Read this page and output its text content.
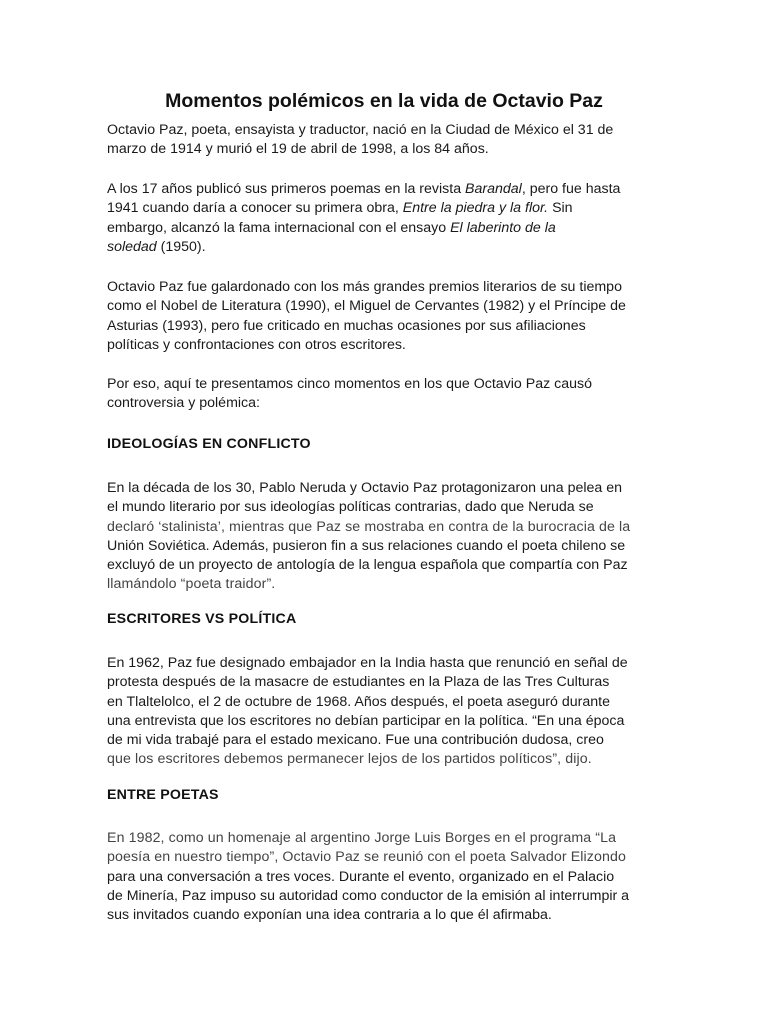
Momentos polémicos en la vida de Octavio Paz

Octavio Paz, poeta, ensayista y traductor, nació en la Ciudad de México el 31 de
marzo de 1914 y murió el 19 de abril de 1998, a los 84 años.

A los 17 años publicó sus primeros poemas en la revista Barandal, pero fue hasta
1941 cuando daría a conocer su primera obra, Entre la piedra y la flor. Sin
embargo, alcanzó la fama internacional con el ensayo El laberinto de la
soledad (1950).

Octavio Paz fue galardonado con los más grandes premios literarios de su tiempo
como el Nobel de Literatura (1990), el Miguel de Cervantes (1982) y el Príncipe de
Asturias (1993), pero fue criticado en muchas ocasiones por sus afiliaciones
políticas y confrontaciones con otros escritores.

Por eso, aquí te presentamos cinco momentos en los que Octavio Paz causó
controversia y polémica:

IDEOLOGÍAS EN CONFLICTO

En la década de los 30, Pablo Neruda y Octavio Paz protagonizaron una pelea en
el mundo literario por sus ideologías políticas contrarias, dado que Neruda se
declaró ‘stalinista’, mientras que Paz se mostraba en contra de la burocracia de la
Unión Soviética. Además, pusieron fin a sus relaciones cuando el poeta chileno se
excluyó de un proyecto de antología de la lengua española que compartía con Paz
llamándolo “poeta traidor”.

ESCRITORES VS POLÍTICA

En 1962, Paz fue designado embajador en la India hasta que renunció en señal de
protesta después de la masacre de estudiantes en la Plaza de las Tres Culturas
en Tlaltelolco, el 2 de octubre de 1968. Años después, el poeta aseguró durante
una entrevista que los escritores no debían participar en la política. “En una época
de mi vida trabajé para el estado mexicano. Fue una contribución dudosa, creo
que los escritores debemos permanecer lejos de los partidos políticos”, dijo.

ENTRE POETAS

En 1982, como un homenaje al argentino Jorge Luis Borges en el programa “La
poesía en nuestro tiempo”, Octavio Paz se reunió con el poeta Salvador Elizondo
para una conversación a tres voces. Durante el evento, organizado en el Palacio
de Minería, Paz impuso su autoridad como conductor de la emisión al interrumpir a
sus invitados cuando exponían una idea contraria a lo que él afirmaba.
